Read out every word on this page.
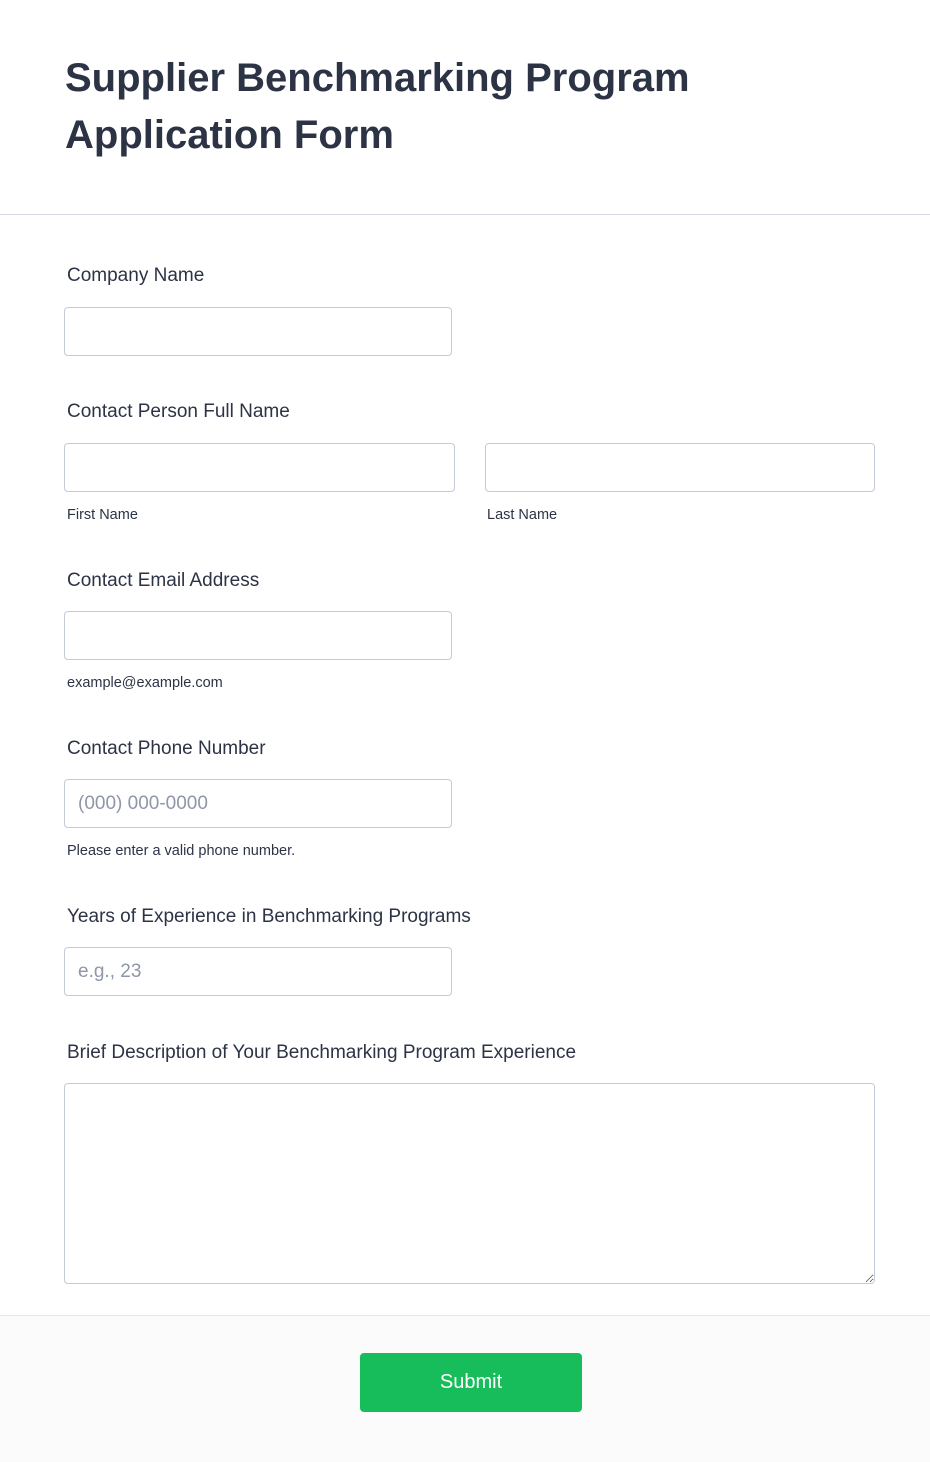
Supplier Benchmarking Program Application Form
Company Name
Contact Person Full Name
First Name	Last Name
Contact Email Address
example@example.com
Contact Phone Number
(000) 000-0000
Please enter a valid phone number.
Years of Experience in Benchmarking Programs
e.g., 23
Brief Description of Your Benchmarking Program Experience
Submit
